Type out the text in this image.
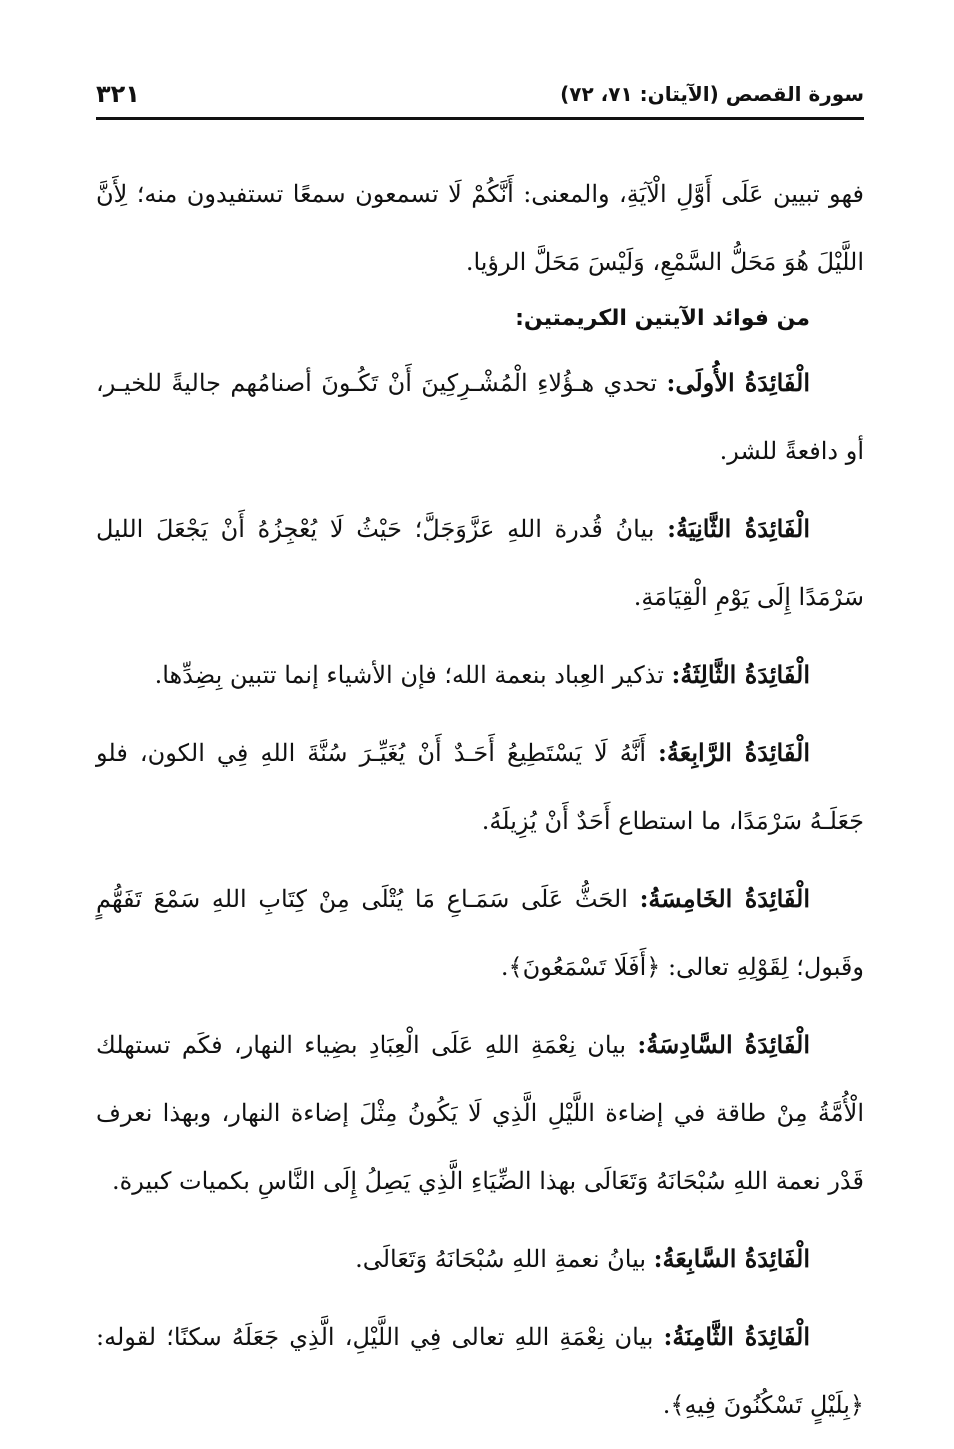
سورة القصص (الآيتان: ٧١، ٧٢)
٣٢١

فهو تبيين عَلَى أَوَّلِ الْآيَةِ، والمعنى: أَنَّكُمْ لَا تسمعون سمعًا تستفيدون منه؛ لِأَنَّ اللَّيْلَ هُوَ مَحَلُّ السَّمْعِ، وَلَيْسَ مَحَلَّ الرؤيا.

من فوائد الآيتين الكريمتين:

الْفَائِدَةُ الأُولَى: تحدي هـؤُلاءِ الْمُشْـرِكِينَ أَنْ تَكُـونَ أصنامُهم جاليةً للخيـر، أو دافعةً للشر.

الْفَائِدَةُ الثَّانِيَةُ: بيانُ قُدرة اللهِ عَزَّوَجَلَّ؛ حَيْثُ لَا يُعْجِزُهُ أَنْ يَجْعَلَ الليل سَرْمَدًا إِلَى يَوْمِ الْقِيَامَةِ.

الْفَائِدَةُ الثَّالِثَةُ: تذكير العِباد بنعمة الله؛ فإن الأشياء إنما تتبين بِضِدِّها.

الْفَائِدَةُ الرَّابِعَةُ: أَنَّهُ لَا يَسْتَطِيعُ أَحَـدٌ أَنْ يُغَيِّـرَ سُنَّةَ اللهِ فِي الكون، فلو جَعَلَـهُ سَرْمَدًا، ما استطاع أَحَدٌ أَنْ يُزِيلَهُ.

الْفَائِدَةُ الخَامِسَةُ: الحَثُّ عَلَى سَمَـاعِ مَا يُتْلَى مِنْ كِتَابِ اللهِ سَمْعَ تَفَهُّمٍ وقَبول؛ لِقَوْلِهِ تعالى: ﴿أَفَلَا تَسْمَعُونَ﴾.

الْفَائِدَةُ السَّادِسَةُ: بيان نِعْمَةِ اللهِ عَلَى الْعِبَادِ بضِياء النهار، فكَم تستهلك الْأُمَّةُ مِنْ طاقة في إضاءة اللَّيْلِ الَّذِي لَا يَكُونُ مِثْلَ إضاءة النهار، وبهذا نعرف قَدْر نعمة اللهِ سُبْحَانَهُ وَتَعَالَى بهذا الضِّيَاءِ الَّذِي يَصِلُ إِلَى النَّاسِ بكميات كبيرة.

الْفَائِدَةُ السَّابِعَةُ: بيانُ نعمةِ اللهِ سُبْحَانَهُ وَتَعَالَى.

الْفَائِدَةُ الثَّامِنَةُ: بيان نِعْمَةِ اللهِ تعالى فِي اللَّيْلِ، الَّذِي جَعَلَهُ سكنًا؛ لقوله: ﴿بِلَيْلٍ تَسْكُنُونَ فِيهِ﴾.
